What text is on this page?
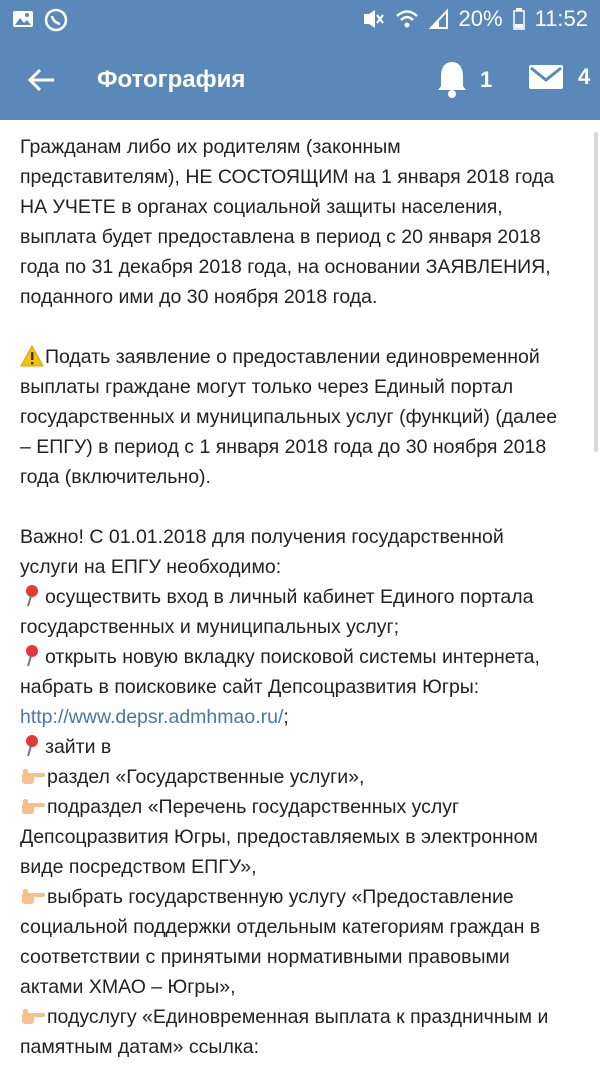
20% 11:52
Фотография	1	4
Гражданам либо их родителям (законным
представителям), НЕ СОСТОЯЩИМ на 1 января 2018 года
НА УЧЕТЕ в органах социальной защиты населения,
выплата будет предоставлена в период с 20 января 2018
года по 31 декабря 2018 года, на основании ЗАЯВЛЕНИЯ,
поданного ими до 30 ноября 2018 года.
Подать заявление о предоставлении единовременной
выплаты граждане могут только через Единый портал
государственных и муниципальных услуг (функций) (далее
– ЕПГУ) в период с 1 января 2018 года до 30 ноября 2018
года (включительно).
Важно! С 01.01.2018 для получения государственной
услуги на ЕПГУ необходимо:
осуществить вход в личный кабинет Единого портала
государственных и муниципальных услуг;
открыть новую вкладку поисковой системы интернета,
набрать в поисковике сайт Депсоцразвития Югры:
http://www.depsr.admhmao.ru/;
зайти в
раздел «Государственные услуги»,
подраздел «Перечень государственных услуг
Депсоцразвития Югры, предоставляемых в электронном
виде посредством ЕПГУ»,
выбрать государственную услугу «Предоставление
социальной поддержки отдельным категориям граждан в
соответствии с принятыми нормативными правовыми
актами ХМАО – Югры»,
подуслугу «Единовременная выплата к праздничным и
памятным датам» ссылка:
